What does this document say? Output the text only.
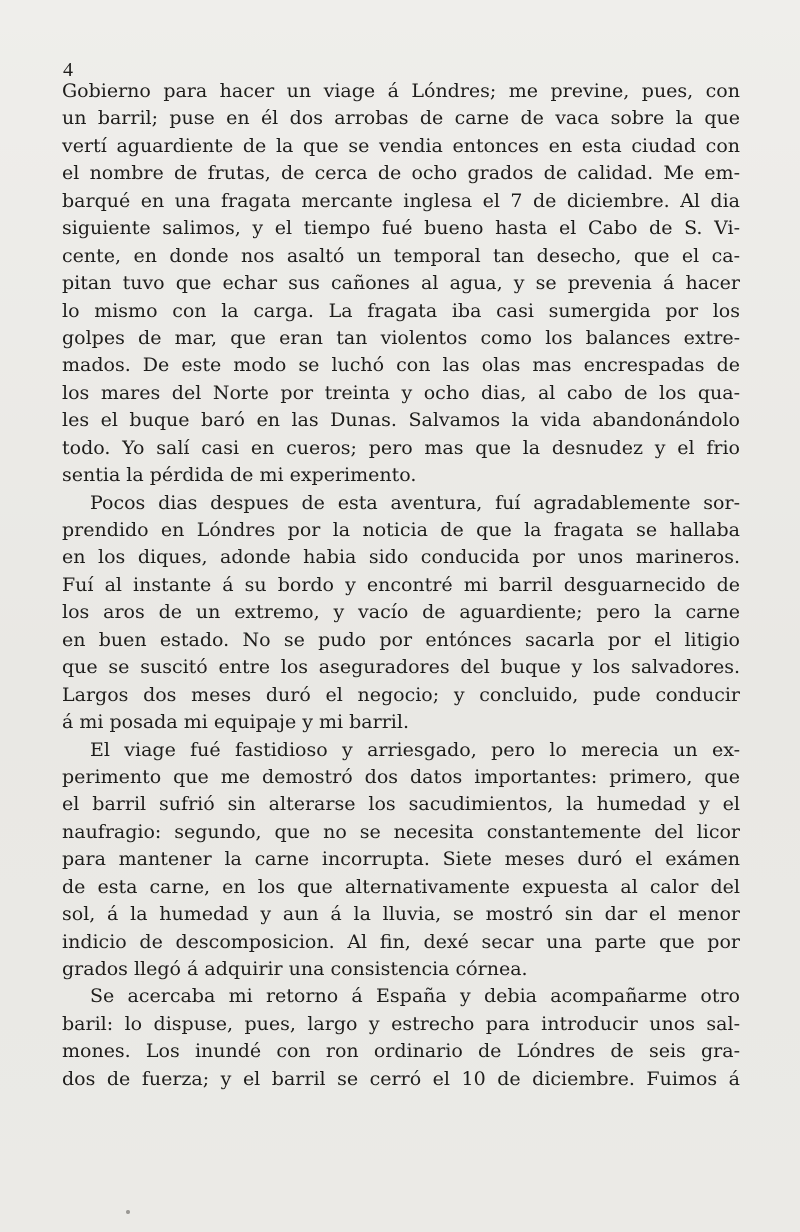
4
Gobierno para hacer un viage á Lóndres; me previne, pues, con
un barril; puse en él dos arrobas de carne de vaca sobre la que
vertí aguardiente de la que se vendia entonces en esta ciudad con
el nombre de frutas, de cerca de ocho grados de calidad. Me em-
barqué en una fragata mercante inglesa el 7 de diciembre. Al dia
siguiente salimos, y el tiempo fué bueno hasta el Cabo de S. Vi-
cente, en donde nos asaltó un temporal tan desecho, que el ca-
pitan tuvo que echar sus cañones al agua, y se prevenia á hacer
lo mismo con la carga. La fragata iba casi sumergida por los
golpes de mar, que eran tan violentos como los balances extre-
mados. De este modo se luchó con las olas mas encrespadas de
los mares del Norte por treinta y ocho dias, al cabo de los qua-
les el buque baró en las Dunas. Salvamos la vida abandonándolo
todo. Yo salí casi en cueros; pero mas que la desnudez y el frio
sentia la pérdida de mi experimento.
Pocos dias despues de esta aventura, fuí agradablemente sor-
prendido en Lóndres por la noticia de que la fragata se hallaba
en los diques, adonde habia sido conducida por unos marineros.
Fuí al instante á su bordo y encontré mi barril desguarnecido de
los aros de un extremo, y vacío de aguardiente; pero la carne
en buen estado. No se pudo por entónces sacarla por el litigio
que se suscitó entre los aseguradores del buque y los salvadores.
Largos dos meses duró el negocio; y concluido, pude conducir
á mi posada mi equipaje y mi barril.
El viage fué fastidioso y arriesgado, pero lo merecia un ex-
perimento que me demostró dos datos importantes: primero, que
el barril sufrió sin alterarse los sacudimientos, la humedad y el
naufragio: segundo, que no se necesita constantemente del licor
para mantener la carne incorrupta. Siete meses duró el exámen
de esta carne, en los que alternativamente expuesta al calor del
sol, á la humedad y aun á la lluvia, se mostró sin dar el menor
indicio de descomposicion. Al fin, dexé secar una parte que por
grados llegó á adquirir una consistencia córnea.
Se acercaba mi retorno á España y debia acompañarme otro
baril: lo dispuse, pues, largo y estrecho para introducir unos sal-
mones. Los inundé con ron ordinario de Lóndres de seis gra-
dos de fuerza; y el barril se cerró el 10 de diciembre. Fuimos á
